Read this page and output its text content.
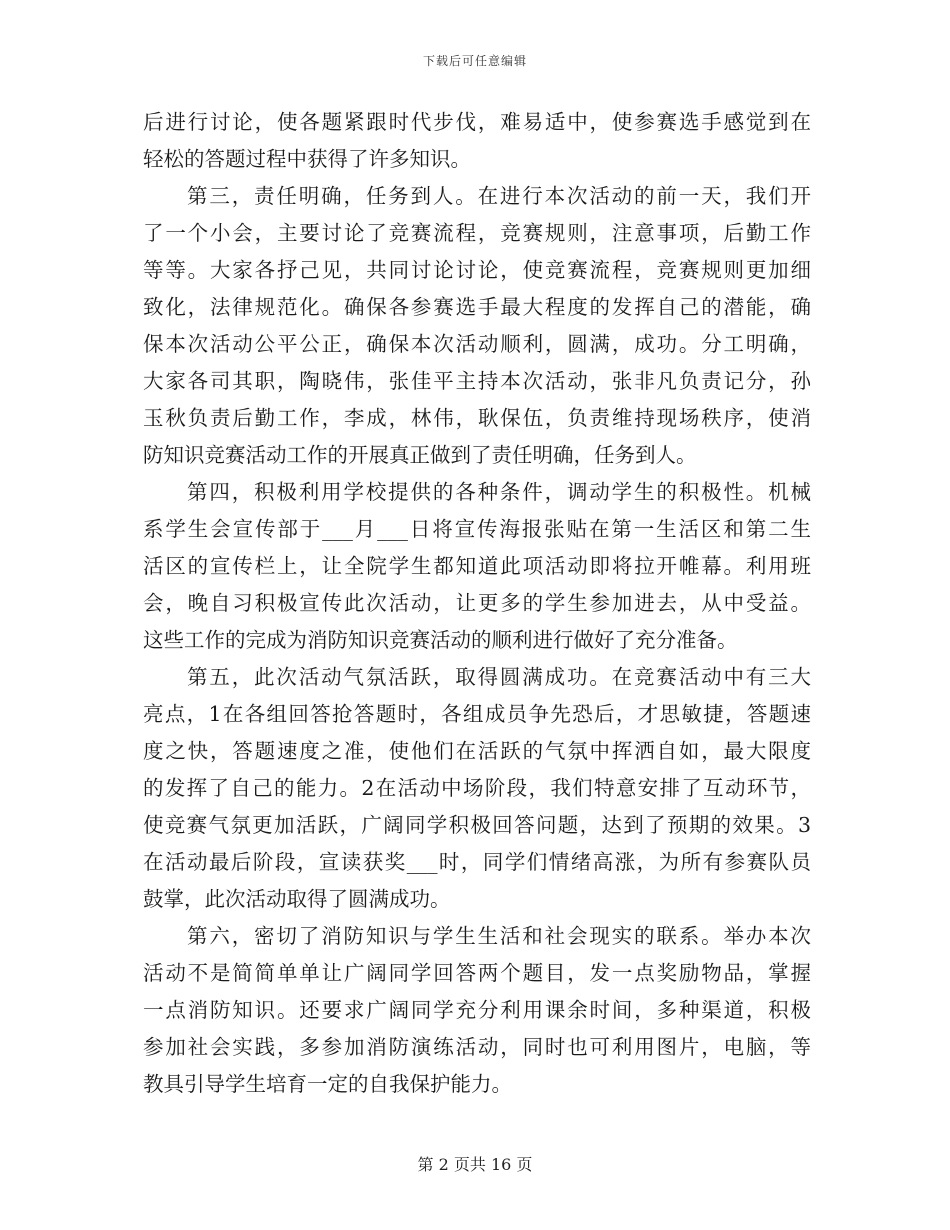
下载后可任意编辑
后进行讨论，使各题紧跟时代步伐，难易适中，使参赛选手感觉到在
轻松的答题过程中获得了许多知识。
第三，责任明确，任务到人。在进行本次活动的前一天，我们开
了一个小会，主要讨论了竞赛流程，竞赛规则，注意事项，后勤工作
等等。大家各抒己见，共同讨论讨论，使竞赛流程，竞赛规则更加细
致化，法律规范化。确保各参赛选手最大程度的发挥自己的潜能，确
保本次活动公平公正，确保本次活动顺利，圆满，成功。分工明确，
大家各司其职，陶晓伟，张佳平主持本次活动，张非凡负责记分，孙
玉秋负责后勤工作，李成，林伟，耿保伍，负责维持现场秩序，使消
防知识竞赛活动工作的开展真正做到了责任明确，任务到人。
第四，积极利用学校提供的各种条件，调动学生的积极性。机械
系学生会宣传部于___月___日将宣传海报张贴在第一生活区和第二生
活区的宣传栏上，让全院学生都知道此项活动即将拉开帷幕。利用班
会，晚自习积极宣传此次活动，让更多的学生参加进去，从中受益。
这些工作的完成为消防知识竞赛活动的顺利进行做好了充分准备。
第五，此次活动气氛活跃，取得圆满成功。在竞赛活动中有三大
亮点，1在各组回答抢答题时，各组成员争先恐后，才思敏捷，答题速
度之快，答题速度之准，使他们在活跃的气氛中挥洒自如，最大限度
的发挥了自己的能力。2在活动中场阶段，我们特意安排了互动环节，
使竞赛气氛更加活跃，广阔同学积极回答问题，达到了预期的效果。3
在活动最后阶段，宣读获奖___时，同学们情绪高涨，为所有参赛队员
鼓掌，此次活动取得了圆满成功。
第六，密切了消防知识与学生生活和社会现实的联系。举办本次
活动不是简简单单让广阔同学回答两个题目，发一点奖励物品，掌握
一点消防知识。还要求广阔同学充分利用课余时间，多种渠道，积极
参加社会实践，多参加消防演练活动，同时也可利用图片，电脑，等
教具引导学生培育一定的自我保护能力。
第 2 页共 16 页
